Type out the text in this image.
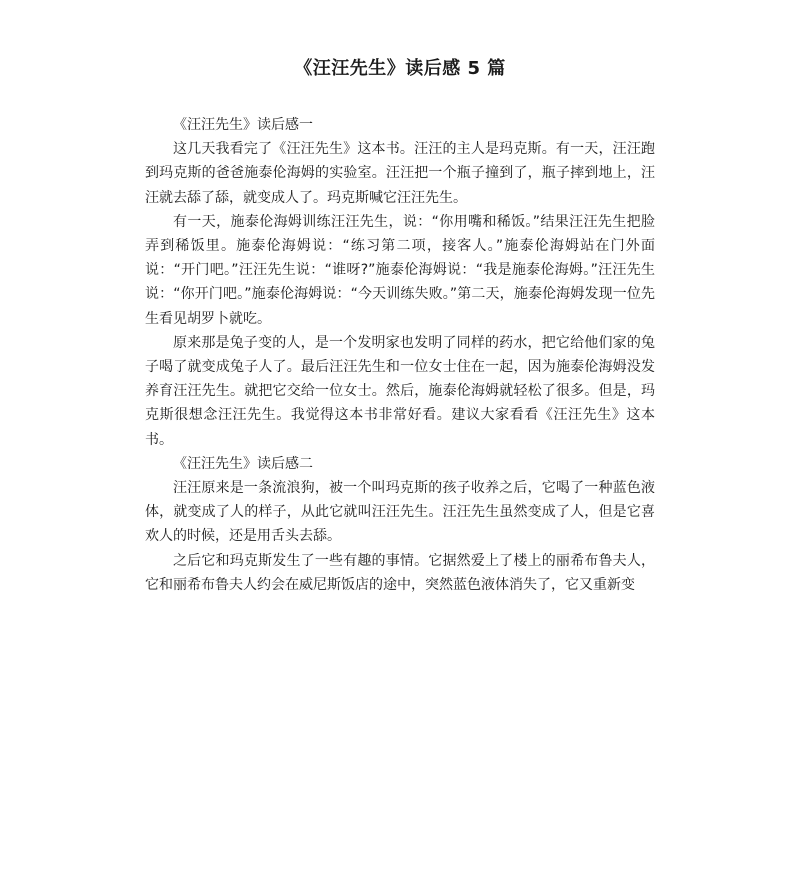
《汪汪先生》读后感 5 篇

《汪汪先生》读后感一

这几天我看完了《汪汪先生》这本书。汪汪的主人是玛克斯。有一天，汪汪跑到玛克斯的爸爸施泰伦海姆的实验室。汪汪把一个瓶子撞到了，瓶子摔到地上，汪汪就去舔了舔，就变成人了。玛克斯喊它汪汪先生。

有一天，施泰伦海姆训练汪汪先生，说：“你用嘴和稀饭。”结果汪汪先生把脸弄到稀饭里。施泰伦海姆说：“练习第二项，接客人。”施泰伦海姆站在门外面说：“开门吧。”汪汪先生说：“谁呀?”施泰伦海姆说：“我是施泰伦海姆。”汪汪先生说：“你开门吧。”施泰伦海姆说：“今天训练失败。”第二天，施泰伦海姆发现一位先生看见胡罗卜就吃。

原来那是兔子变的人，是一个发明家也发明了同样的药水，把它给他们家的兔子喝了就变成兔子人了。最后汪汪先生和一位女士住在一起，因为施泰伦海姆没发养育汪汪先生。就把它交给一位女士。然后，施泰伦海姆就轻松了很多。但是，玛克斯很想念汪汪先生。我觉得这本书非常好看。建议大家看看《汪汪先生》这本书。

《汪汪先生》读后感二

汪汪原来是一条流浪狗，被一个叫玛克斯的孩子收养之后，它喝了一种蓝色液体，就变成了人的样子，从此它就叫汪汪先生。汪汪先生虽然变成了人，但是它喜欢人的时候，还是用舌头去舔。

之后它和玛克斯发生了一些有趣的事情。它据然爱上了楼上的丽希布鲁夫人，它和丽希布鲁夫人约会在威尼斯饭店的途中，突然蓝色液体消失了，它又重新变
